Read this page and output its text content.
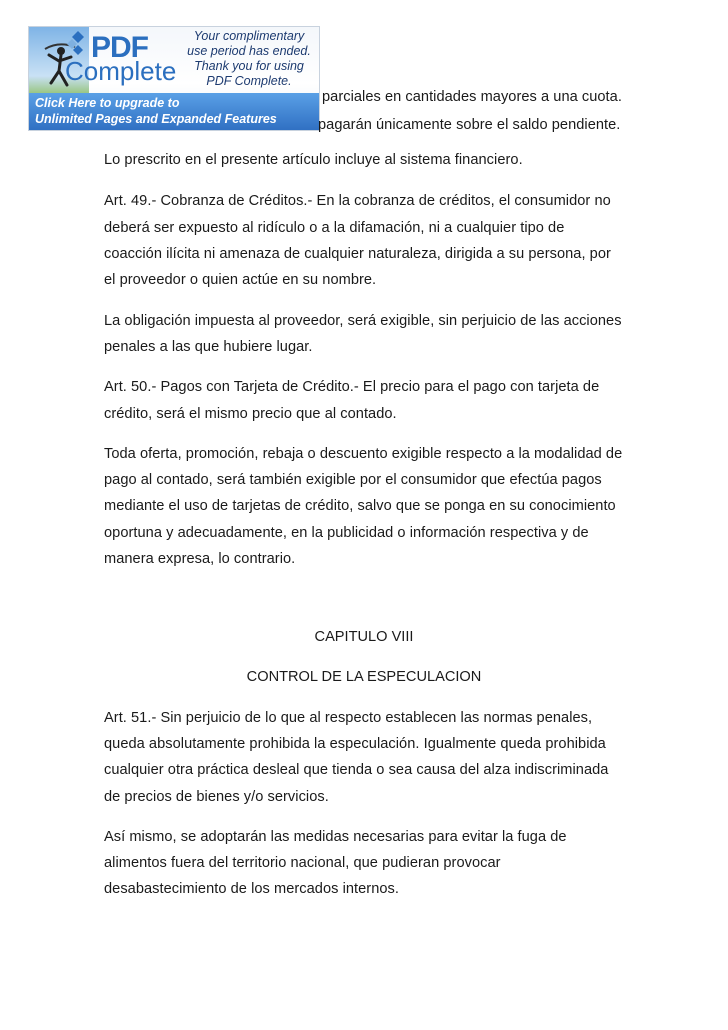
PDF
Complete
Your complimentary
use period has ended.
Thank you for using
PDF Complete.
Click Here to upgrade to
Unlimited Pages and Expanded Features
parciales en cantidades mayores a una cuota.
pagarán únicamente sobre el saldo pendiente.
Lo prescrito en el presente artículo incluye al sistema financiero.
Art. 49.- Cobranza de Créditos.- En la cobranza de créditos, el consumidor no
deberá ser expuesto al ridículo o a la difamación, ni a cualquier tipo de
coacción ilícita ni amenaza de cualquier naturaleza, dirigida a su persona, por
el proveedor o quien actúe en su nombre.
La obligación impuesta al proveedor, será exigible, sin perjuicio de las acciones
penales a las que hubiere lugar.
Art. 50.- Pagos con Tarjeta de Crédito.- El precio para el pago con tarjeta de
crédito, será el mismo precio que al contado.
Toda oferta, promoción, rebaja o descuento exigible respecto a la modalidad de
pago al contado, será también exigible por el consumidor que efectúa pagos
mediante el uso de tarjetas de crédito, salvo que se ponga en su conocimiento
oportuna y adecuadamente, en la publicidad o información respectiva y de
manera expresa, lo contrario.
CAPITULO VIII
CONTROL DE LA ESPECULACION
Art. 51.- Sin perjuicio de lo que al respecto establecen las normas penales,
queda absolutamente prohibida la especulación. Igualmente queda prohibida
cualquier otra práctica desleal que tienda o sea causa del alza indiscriminada
de precios de bienes y/o servicios.
Así mismo, se adoptarán las medidas necesarias para evitar la fuga de
alimentos fuera del territorio nacional, que pudieran provocar
desabastecimiento de los mercados internos.
